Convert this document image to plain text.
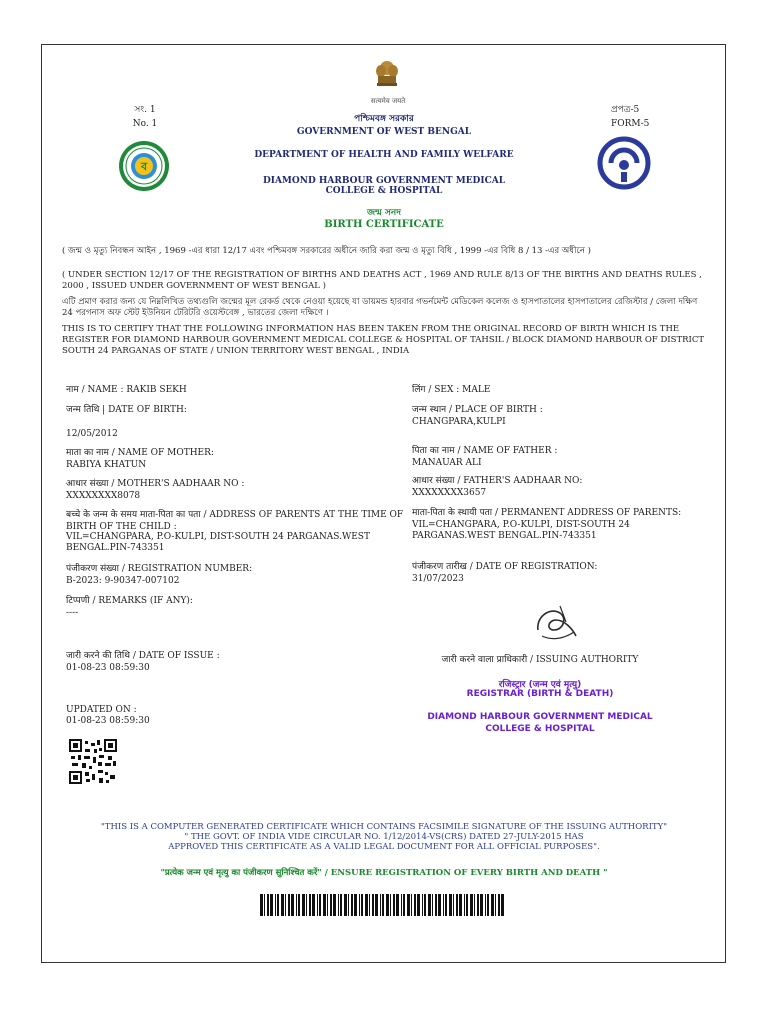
सत्यमेव जयते
সং. 1
No. 1
প্রপত্র-5
FORM-5
ব
পশ্চিমবঙ্গ সরকার
GOVERNMENT OF WEST BENGAL
DEPARTMENT OF HEALTH AND FAMILY WELFARE
DIAMOND HARBOUR GOVERNMENT MEDICAL
COLLEGE & HOSPITAL
জন্ম সনদ
BIRTH CERTIFICATE
( জন্ম ও মৃত্যু নিবন্ধন আইন , 1969 -এর ধারা 12/17 এবং পশ্চিমবঙ্গ সরকারের অধীনে জারি করা জন্ম ও মৃত্যু বিধি , 1999 -এর বিধি 8 / 13 -এর অধীনে )
( UNDER SECTION 12/17 OF THE REGISTRATION OF BIRTHS AND DEATHS ACT , 1969 AND RULE 8/13 OF THE BIRTHS AND DEATHS RULES , 2000 , ISSUED UNDER GOVERNMENT OF WEST BENGAL )
এটি প্রমাণ করার জন্য যে নিম্নলিখিত তথ্যগুলি জন্মের মূল রেকর্ড থেকে নেওয়া হয়েছে যা ডায়মন্ড হারবার গভর্নমেন্ট মেডিকেল কলেজ ও হাসপাতালের হাসপাতালের রেজিস্টার / জেলা দক্ষিণ 24 পরগনাস অফ স্টেট ইউনিয়ন টেরিটরি ওয়েস্টবেঙ্গ , ভারতের জেলা দক্ষিণে ।
THIS IS TO CERTIFY THAT THE FOLLOWING INFORMATION HAS BEEN TAKEN FROM THE ORIGINAL RECORD OF BIRTH WHICH IS THE REGISTER FOR DIAMOND HARBOUR GOVERNMENT MEDICAL COLLEGE & HOSPITAL OF TAHSIL / BLOCK DIAMOND HARBOUR OF DISTRICT SOUTH 24 PARGANAS OF STATE / UNION TERRITORY WEST BENGAL , INDIA
नाम / NAME : RAKIB SEKH
जन्म तिथि | DATE OF BIRTH:
12/05/2012
माता का नाम / NAME OF MOTHER:
RABIYA KHATUN
आधार संख्या / MOTHER'S AADHAAR NO :
XXXXXXXX8078
बच्चे के जन्म के समय माता-पिता का पता / ADDRESS OF PARENTS AT THE TIME OF
BIRTH OF THE CHILD :
VIL=CHANGPARA, P.O-KULPI, DIST-SOUTH 24 PARGANAS.WEST
BENGAL.PIN-743351
पंजीकरण संख्या / REGISTRATION NUMBER:
B-2023: 9-90347-007102
टिप्पणी / REMARKS (IF ANY):
----
जारी करने की तिथि / DATE OF ISSUE :
01-08-23 08:59:30
UPDATED ON :
01-08-23 08:59:30
लिंग / SEX : MALE
जन्म स्थान / PLACE OF BIRTH :
CHANGPARA,KULPI
पिता का नाम / NAME OF FATHER :
MANAUAR ALI
आधार संख्या / FATHER'S AADHAAR NO:
XXXXXXXX3657
माता-पिता के स्थायी पता / PERMANENT ADDRESS OF PARENTS:
VIL=CHANGPARA, P.O-KULPI, DIST-SOUTH 24
PARGANAS.WEST BENGAL.PIN-743351
पंजीकरण तारीख / DATE OF REGISTRATION:
31/07/2023
जारी करने वाला प्राधिकारी / ISSUING AUTHORITY
रजिस्ट्रार (जन्म एवं मृत्यु)
REGISTRAR (BIRTH & DEATH)
DIAMOND HARBOUR GOVERNMENT MEDICAL
COLLEGE & HOSPITAL
"THIS IS A COMPUTER GENERATED CERTIFICATE WHICH CONTAINS FACSIMILE SIGNATURE OF THE ISSUING AUTHORITY"
" THE GOVT. OF INDIA VIDE CIRCULAR NO. 1/12/2014-VS(CRS) DATED 27-JULY-2015 HAS
APPROVED THIS CERTIFICATE AS A VALID LEGAL DOCUMENT FOR ALL OFFICIAL PURPOSES".
"प्रत्येक जन्म एवं मृत्यु का पंजीकरण सुनिश्चित करें" / ENSURE REGISTRATION OF EVERY BIRTH AND DEATH "
